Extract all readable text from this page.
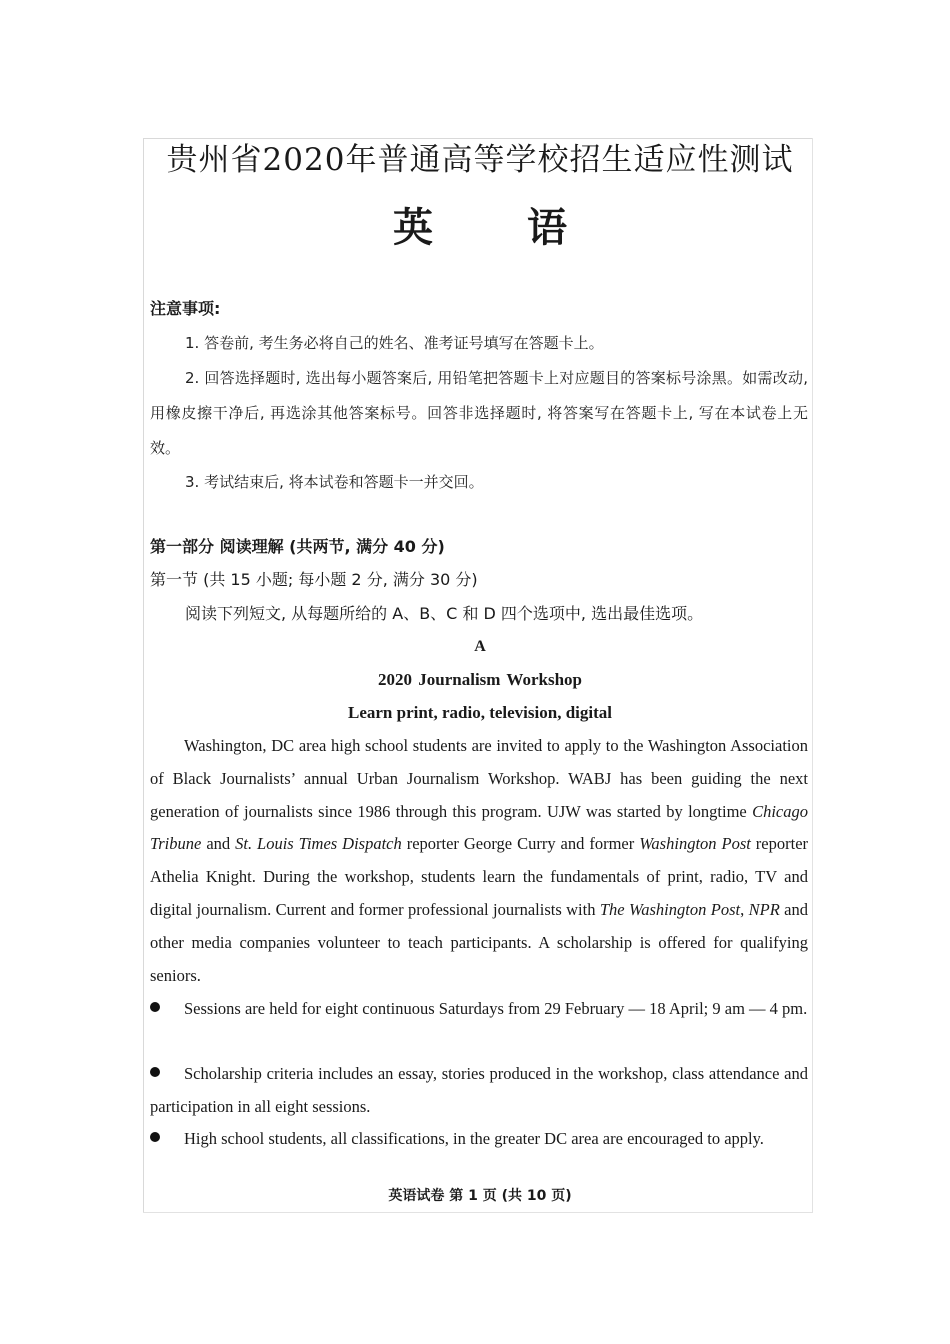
贵州省2020年普通高等学校招生适应性测试
英 语
注意事项:
1. 答卷前, 考生务必将自己的姓名、准考证号填写在答题卡上。
2. 回答选择题时, 选出每小题答案后, 用铅笔把答题卡上对应题目的答案标号涂黑。如需改动, 用橡皮擦干净后, 再选涂其他答案标号。回答非选择题时, 将答案写在答题卡上, 写在本试卷上无效。
3. 考试结束后, 将本试卷和答题卡一并交回。
第一部分 阅读理解 (共两节, 满分 40 分)
第一节 (共 15 小题; 每小题 2 分, 满分 30 分)
阅读下列短文, 从每题所给的 A、B、C 和 D 四个选项中, 选出最佳选项。
A
2020 Journalism Workshop
Learn print, radio, television, digital
Washington, DC area high school students are invited to apply to the Washington Association of Black Journalists’ annual Urban Journalism Workshop. WABJ has been guiding the next generation of journalists since 1986 through this program. UJW was started by longtime Chicago Tribune and St. Louis Times Dispatch reporter George Curry and former Washington Post reporter Athelia Knight. During the workshop, students learn the fundamentals of print, radio, TV and digital journalism. Current and former professional journalists with The Washington Post, NPR and other media companies volunteer to teach participants. A scholarship is offered for qualifying seniors.
Sessions are held for eight continuous Saturdays from 29 February — 18 April; 9 am — 4 pm.
Scholarship criteria includes an essay, stories produced in the workshop, class attendance and participation in all eight sessions.
High school students, all classifications, in the greater DC area are encouraged to apply.
英语试卷 第 1 页 (共 10 页)
